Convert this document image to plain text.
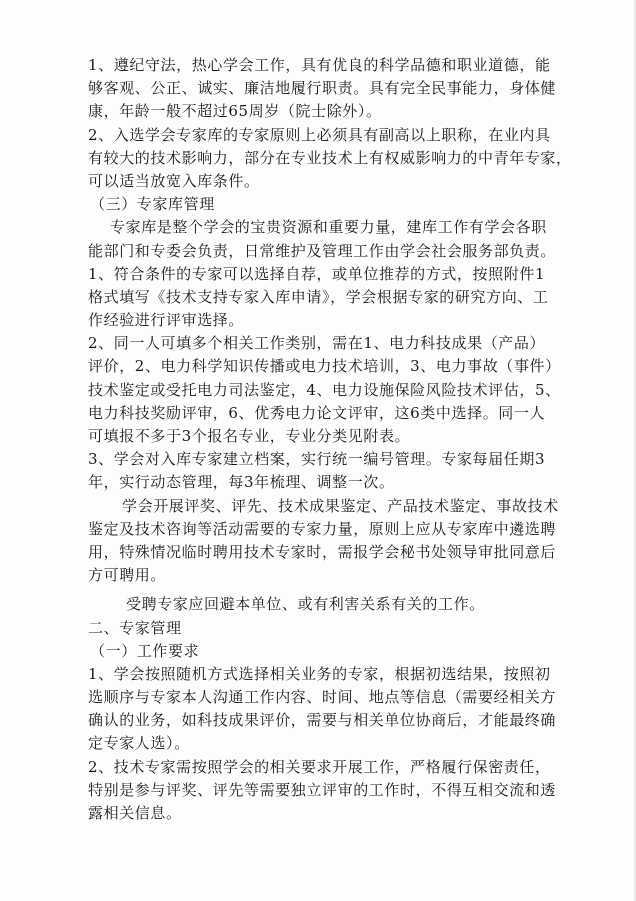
1、遵纪守法，热心学会工作，具有优良的科学品德和职业道德，能
够客观、公正、诚实、廉洁地履行职责。具有完全民事能力，身体健
康，年龄一般不超过65周岁（院士除外）。
2、入选学会专家库的专家原则上必须具有副高以上职称，在业内具
有较大的技术影响力，部分在专业技术上有权威影响力的中青年专家，
可以适当放宽入库条件。
（三）专家库管理
专家库是整个学会的宝贵资源和重要力量，建库工作有学会各职
能部门和专委会负责，日常维护及管理工作由学会社会服务部负责。
1、符合条件的专家可以选择自荐，或单位推荐的方式，按照附件1
格式填写《技术支持专家入库申请》，学会根据专家的研究方向、工
作经验进行评审选择。
2、同一人可填多个相关工作类别，需在1、电力科技成果（产品）
评价，2、电力科学知识传播或电力技术培训，3、电力事故（事件）
技术鉴定或受托电力司法鉴定，4、电力设施保险风险技术评估，5、
电力科技奖励评审，6、优秀电力论文评审，这6类中选择。同一人
可填报不多于3个报名专业，专业分类见附表。
3、学会对入库专家建立档案，实行统一编号管理。专家每届任期3
年，实行动态管理，每3年梳理、调整一次。
学会开展评奖、评先、技术成果鉴定、产品技术鉴定、事故技术
鉴定及技术咨询等活动需要的专家力量，原则上应从专家库中遴选聘
用，特殊情况临时聘用技术专家时，需报学会秘书处领导审批同意后
方可聘用。
受聘专家应回避本单位、或有利害关系有关的工作。
二、专家管理
（一）工作要求
1、学会按照随机方式选择相关业务的专家，根据初选结果，按照初
选顺序与专家本人沟通工作内容、时间、地点等信息（需要经相关方
确认的业务，如科技成果评价，需要与相关单位协商后，才能最终确
定专家人选）。
2、技术专家需按照学会的相关要求开展工作，严格履行保密责任，
特别是参与评奖、评先等需要独立评审的工作时，不得互相交流和透
露相关信息。
